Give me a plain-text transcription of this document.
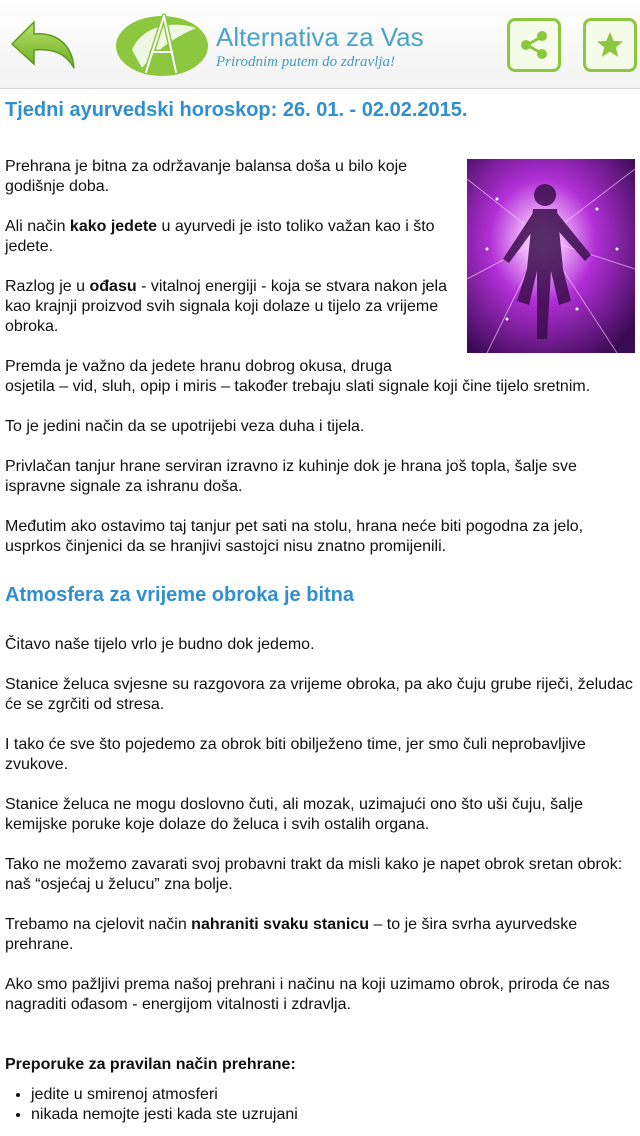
Alternativa za Vas
Prirodnim putem do zdravlja!
Tjedni ayurvedski horoskop: 26. 01. - 02.02.2015.

Prehrana je bitna za održavanje balansa doša u bilo koje godišnje doba.

Ali način kako jedete u ayurvedi je isto toliko važan kao i što jedete.

Razlog je u ođasu - vitalnoj energiji - koja se stvara nakon jela kao krajnji proizvod svih signala koji dolaze u tijelo za vrijeme obroka.

Premda je važno da jedete hranu dobrog okusa, druga
osjetila – vid, sluh, opip i miris – također trebaju slati signale koji čine tijelo sretnim.

To je jedini način da se upotrijebi veza duha i tijela.

Privlačan tanjur hrane serviran izravno iz kuhinje dok je hrana još topla, šalje sve ispravne signale za ishranu doša.

Međutim ako ostavimo taj tanjur pet sati na stolu, hrana neće biti pogodna za jelo, usprkos činjenici da se hranjivi sastojci nisu znatno promijenili.

Atmosfera za vrijeme obroka je bitna

Čitavo naše tijelo vrlo je budno dok jedemo.

Stanice želuca svjesne su razgovora za vrijeme obroka, pa ako čuju grube riječi, želudac će se zgrčiti od stresa.

I tako će sve što pojedemo za obrok biti obilježeno time, jer smo čuli neprobavljive zvukove.

Stanice želuca ne mogu doslovno čuti, ali mozak, uzimajući ono što uši čuju, šalje kemijske poruke koje dolaze do želuca i svih ostalih organa.

Tako ne možemo zavarati svoj probavni trakt da misli kako je napet obrok sretan obrok: naš “osjećaj u želucu” zna bolje.

Trebamo na cjelovit način nahraniti svaku stanicu – to je šira svrha ayurvedske prehrane.

Ako smo pažljivi prema našoj prehrani i načinu na koji uzimamo obrok, priroda će nas nagraditi ođasom - energijom vitalnosti i zdravlja.

Preporuke za pravilan način prehrane:

• jedite u smirenoj atmosferi
• nikada nemojte jesti kada ste uzrujani
